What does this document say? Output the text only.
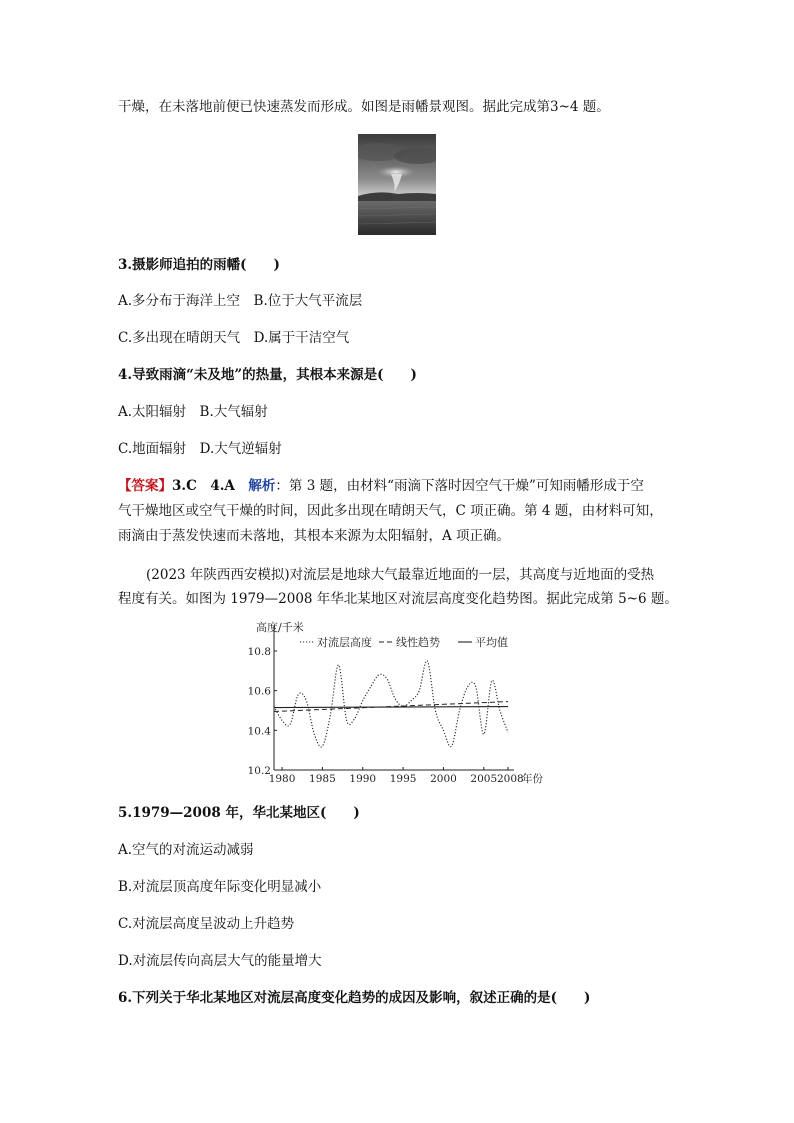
干燥，在未落地前便已快速蒸发而形成。如图是雨幡景观图。据此完成第3~4 题。
3.摄影师追拍的雨幡(　　)
A.多分布于海洋上空　B.位于大气平流层
C.多出现在晴朗天气　D.属于干洁空气
4.导致雨滴“未及地”的热量，其根本来源是(　　)
A.太阳辐射　B.大气辐射
C.地面辐射　D.大气逆辐射
【答案】3.C　4.A　解析：第 3 题，由材料“雨滴下落时因空气干燥”可知雨幡形成于空
气干燥地区或空气干燥的时间，因此多出现在晴朗天气，C 项正确。第 4 题，由材料可知，
雨滴由于蒸发快速而未落地，其根本来源为太阳辐射，A 项正确。
(2023 年陕西西安模拟)对流层是地球大气最靠近地面的一层，其高度与近地面的受热
程度有关。如图为 1979—2008 年华北某地区对流层高度变化趋势图。据此完成第 5~6 题。
高度/千米
10.2
10.4
10.6
10.8
1980 1985 1990 1995 2000 2005 2008
年份
对流层高度 线性趋势	平均值
5.1979—2008 年，华北某地区(　　)
A.空气的对流运动减弱
B.对流层顶高度年际变化明显减小
C.对流层高度呈波动上升趋势
D.对流层传向高层大气的能量增大
6.下列关于华北某地区对流层高度变化趋势的成因及影响，叙述正确的是(　　)
